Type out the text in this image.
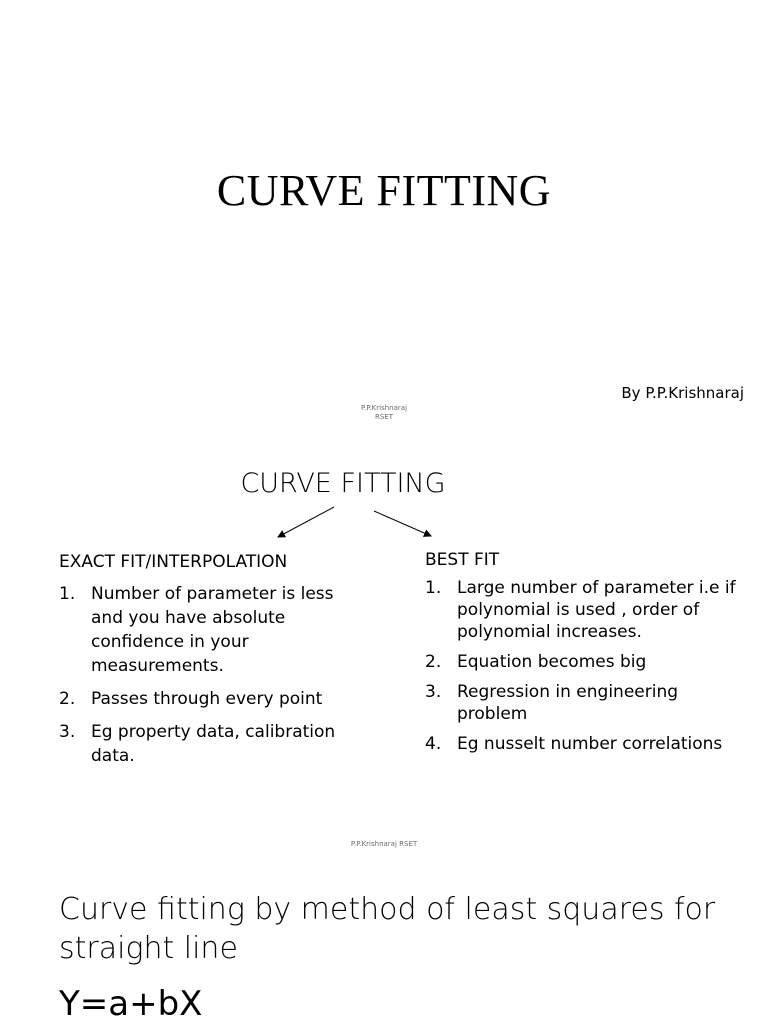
CURVE FITTING
By P.P.Krishnaraj
P.P.Krishnaraj
RSET
CURVE FITTING
EXACT FIT/INTERPOLATION
1. Number of parameter is less and you have absolute confidence in your measurements.
2. Passes through every point
3. Eg property data, calibration data.
BEST FIT
1. Large number of parameter i.e if polynomial is used , order of polynomial increases.
2. Equation becomes big
3. Regression in engineering problem
4. Eg nusselt number correlations
P.P.Krishnaraj RSET
Curve fitting by method of least squares for straight line
Y=a+bX
